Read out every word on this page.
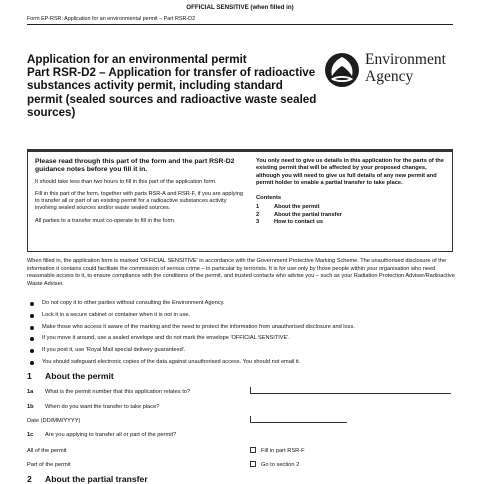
OFFICIAL SENSITIVE (when filled in)
Form EP-RSR: Application for an environmental permit – Part RSR-D2
Application for an environmental permit
Part RSR-D2 – Application for transfer of radioactive substances activity permit, including standard permit (sealed sources and radioactive waste sealed sources)
Environment
Agency

Please read through this part of the form and the part RSR-D2 guidance notes before you fill it in.

It should take less than two hours to fill in this part of the application form.

Fill in this part of the form, together with parts RSR-A and RSR-F, if you are applying to transfer all or part of an existing permit for a radioactive substances activity involving sealed sources and/or waste sealed sources.

All parties to a transfer must co-operate to fill in the form.

You only need to give us details in this application for the parts of the existing permit that will be affected by your proposed changes, although you will need to give us full details of any new permit and permit holder to enable a partial transfer to take place.

Contents
1	About the permit
2	About the partial transfer
3	How to contact us
When filled in, the application form is marked 'OFFICIAL SENSITIVE' in accordance with the Government Protective Marking Scheme. The unauthorised disclosure of the information it contains could facilitate the commission of serious crime – in particular by terrorists. It is for use only by those people within your organisation who need reasonable access to it, to ensure compliance with the conditions of the permit, and trusted contacts who advise you – such as your Radiation Protection Adviser/Radioactive Waste Adviser.
Do not copy it to other parties without consulting the Environment Agency.
Lock it in a secure cabinet or container when it is not in use.
Make those who access it aware of the marking and the need to protect the information from unauthorised disclosure and loss.
If you move it around, use a sealed envelope and do not mark the envelope 'OFFICIAL SENSITIVE'.
If you post it, use 'Royal Mail special delivery guaranteed'.
You should safeguard electronic copies of the data against unauthorised access. You should not email it.
1 About the permit
1a What is the permit number that this application relates to?
1b When do you want the transfer to take place?
Date (DD/MM/YYYY)
1c Are you applying to transfer all or part of the permit?
All of the permit	Fill in part RSR-F
Part of the permit	Go to section 2
2 About the partial transfer
